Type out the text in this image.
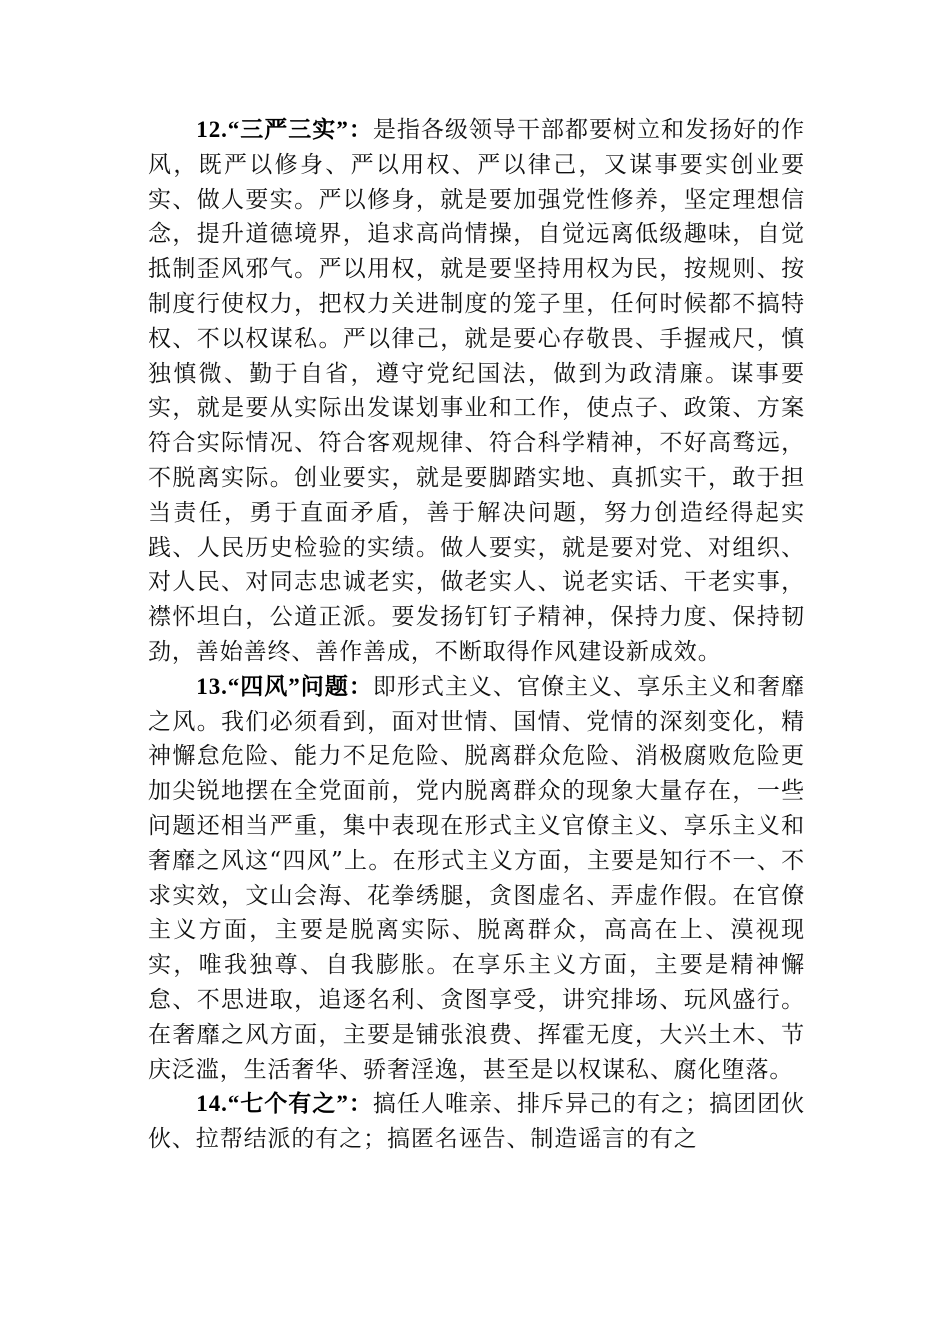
12.“三严三实”：是指各级领导干部都要树立和发扬好的作风，既严以修身、严以用权、严以律己，又谋事要实创业要实、做人要实。严以修身，就是要加强党性修养，坚定理想信念，提升道德境界，追求高尚情操，自觉远离低级趣味，自觉抵制歪风邪气。严以用权，就是要坚持用权为民，按规则、按制度行使权力，把权力关进制度的笼子里，任何时候都不搞特权、不以权谋私。严以律己，就是要心存敬畏、手握戒尺，慎独慎微、勤于自省，遵守党纪国法，做到为政清廉。谋事要实，就是要从实际出发谋划事业和工作，使点子、政策、方案符合实际情况、符合客观规律、符合科学精神，不好高骛远，不脱离实际。创业要实，就是要脚踏实地、真抓实干，敢于担当责任，勇于直面矛盾，善于解决问题，努力创造经得起实践、人民历史检验的实绩。做人要实，就是要对党、对组织、对人民、对同志忠诚老实，做老实人、说老实话、干老实事，襟怀坦白，公道正派。要发扬钉钉子精神，保持力度、保持韧劲，善始善终、善作善成，不断取得作风建设新成效。

13.“四风”问题：即形式主义、官僚主义、享乐主义和奢靡之风。我们必须看到，面对世情、国情、党情的深刻变化，精神懈怠危险、能力不足危险、脱离群众危险、消极腐败危险更加尖锐地摆在全党面前，党内脱离群众的现象大量存在，一些问题还相当严重，集中表现在形式主义官僚主义、享乐主义和奢靡之风这“四风”上。在形式主义方面，主要是知行不一、不求实效，文山会海、花拳绣腿，贪图虚名、弄虚作假。在官僚主义方面，主要是脱离实际、脱离群众，高高在上、漠视现实，唯我独尊、自我膨胀。在享乐主义方面，主要是精神懈怠、不思进取，追逐名利、贪图享受，讲究排场、玩风盛行。在奢靡之风方面，主要是铺张浪费、挥霍无度，大兴土木、节庆泛滥，生活奢华、骄奢淫逸，甚至是以权谋私、腐化堕落。

14.“七个有之”：搞任人唯亲、排斥异己的有之；搞团团伙伙、拉帮结派的有之；搞匿名诬告、制造谣言的有之
